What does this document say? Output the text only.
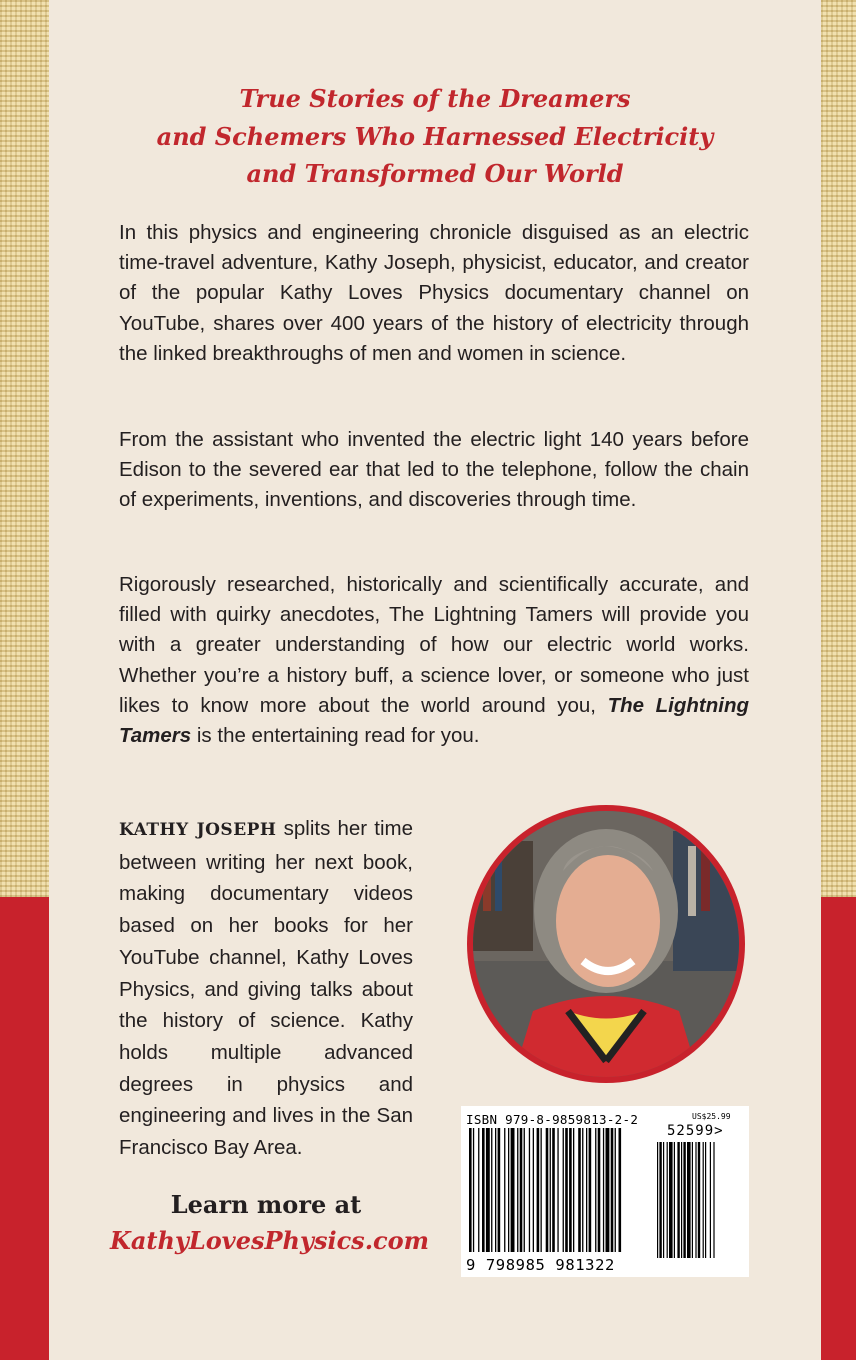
True Stories of the Dreamers
and Schemers Who Harnessed Electricity
and Transformed Our World

In this physics and engineering chronicle disguised as an electric time-travel adventure, Kathy Joseph, physicist, educator, and creator of the popular Kathy Loves Physics documentary channel on YouTube, shares over 400 years of the history of electricity through the linked breakthroughs of men and women in science.

From the assistant who invented the electric light 140 years before Edison to the severed ear that led to the telephone, follow the chain of experiments, inventions, and discoveries through time.

Rigorously researched, historically and scientifically accurate, and filled with quirky anecdotes, The Lightning Tamers will provide you with a greater understanding of how our electric world works. Whether you’re a history buff, a science lover, or someone who just likes to know more about the world around you, The Lightning Tamers is the entertaining read for you.

KATHY JOSEPH splits her time between writing her next book, making documentary videos based on her books for her YouTube channel, Kathy Loves Physics, and giving talks about the history of science. Kathy holds multiple advanced degrees in physics and engineering and lives in the San Francisco Bay Area.

Learn more at
KathyLovesPhysics.com
ISBN 979-8-9859813-2-2	US$25.99
52599>
9 798985 981322
